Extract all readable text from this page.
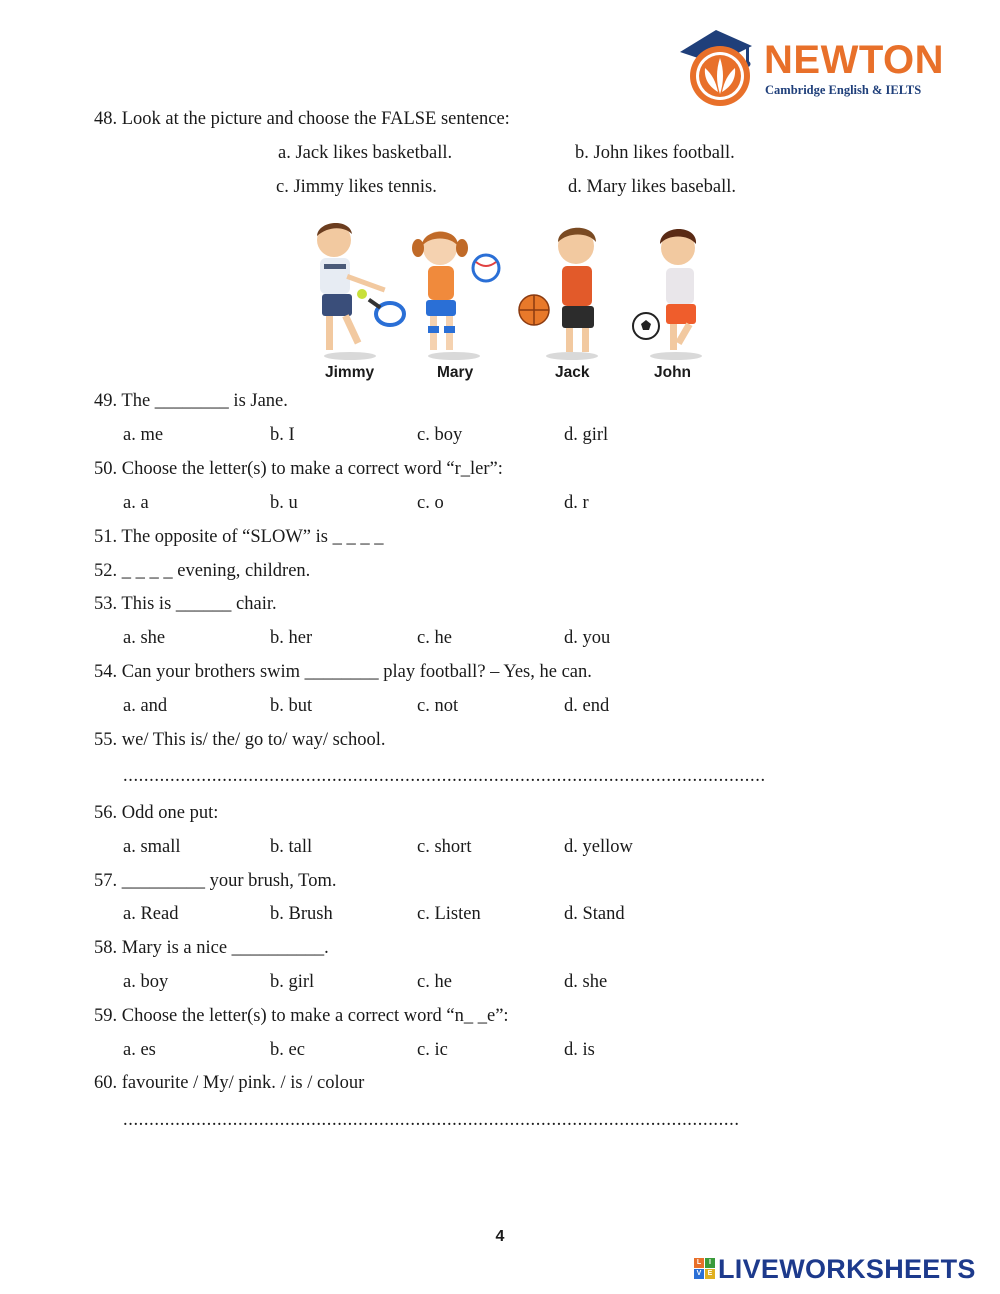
NEWTON
Cambridge English & IELTS
48. Look at the picture and choose the FALSE sentence:
a. Jack likes basketball.	b. John likes football.
c. Jimmy likes tennis.	d. Mary likes baseball.
Jimmy	Mary	Jack	John
49. The ________ is Jane.
a. me	b. I	c. boy	d. girl
50. Choose the letter(s) to make a correct word “r_ler”:
a. a	b. u	c. o	d. r
51. The opposite of “SLOW” is _ _ _ _
52. _ _ _ _ evening, children.
53. This is ______ chair.
a. she	b. her	c. he	d. you
54. Can your brothers swim ________ play football? – Yes, he can.
a. and	b. but	c. not	d. end
55. we/ This is/ the/ go to/ way/ school.
...........................................................................................................................
56. Odd one put:
a. small	b. tall	c. short	d. yellow
57. _________ your brush, Tom.
a. Read	b. Brush	c. Listen	d. Stand
58. Mary is a nice __________.
a. boy	b. girl	c. he	d. she
59. Choose the letter(s) to make a correct word “n_ _e”:
a. es	b. ec	c. ic	d. is
60. favourite / My/ pink. / is / colour
......................................................................................................................
4
L	I
V E LIVEWORKSHEETS
